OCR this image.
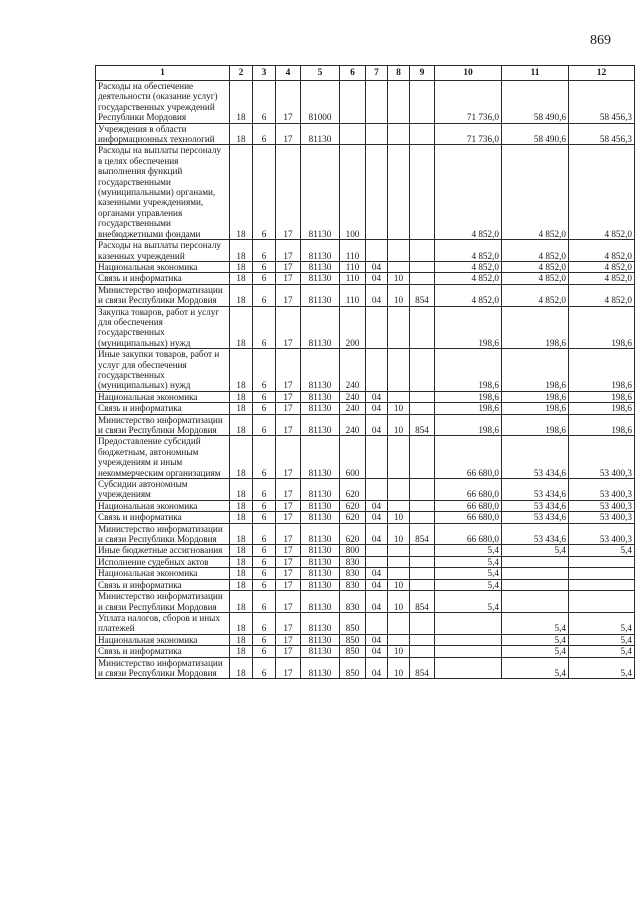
869
1	2	3	4	5	6	7	8	9	10	11	12
Расходы на обеспечение деятельности (оказание услуг) государственных учреждений Республики Мордовия	18	6	17	81000					71 736,0	58 490,6	58 456,3
Учреждения в области информационных технологий	18	6	17	81130					71 736,0	58 490,6	58 456,3
Расходы на выплаты персоналу в целях обеспечения выполнения функций государственными (муниципальными) органами, казенными учреждениями, органами управления государственными внебюджетными фондами	18	6	17	81130	100				4 852,0	4 852,0	4 852,0
Расходы на выплаты персоналу казенных учреждений	18	6	17	81130	110				4 852,0	4 852,0	4 852,0
Национальная экономика	18	6	17	81130	110	04			4 852,0	4 852,0	4 852,0
Связь и информатика	18	6	17	81130	110	04	10		4 852,0	4 852,0	4 852,0
Министерство информатизации и связи Республики Мордовия	18	6	17	81130	110	04	10	854	4 852,0	4 852,0	4 852,0
Закупка товаров, работ и услуг для обеспечения государственных (муниципальных) нужд	18	6	17	81130	200				198,6	198,6	198,6
Иные закупки товаров, работ и услуг для обеспечения государственных (муниципальных) нужд	18	6	17	81130	240				198,6	198,6	198,6
Национальная экономика	18	6	17	81130	240	04			198,6	198,6	198,6
Связь и информатика	18	6	17	81130	240	04	10		198,6	198,6	198,6
Министерство информатизации и связи Республики Мордовия	18	6	17	81130	240	04	10	854	198,6	198,6	198,6
Предоставление субсидий бюджетным, автономным учреждениям и иным некоммерческим организациям	18	6	17	81130	600				66 680,0	53 434,6	53 400,3
Субсидии автономным учреждениям	18	6	17	81130	620				66 680,0	53 434,6	53 400,3
Национальная экономика	18	6	17	81130	620	04			66 680,0	53 434,6	53 400,3
Связь и информатика	18	6	17	81130	620	04	10		66 680,0	53 434,6	53 400,3
Министерство информатизации и связи Республики Мордовия	18	6	17	81130	620	04	10	854	66 680,0	53 434,6	53 400,3
Иные бюджетные ассигнования	18	6	17	81130	800				5,4	5,4	5,4
Исполнение судебных актов	18	6	17	81130	830				5,4		
Национальная экономика	18	6	17	81130	830	04			5,4		
Связь и информатика	18	6	17	81130	830	04	10		5,4		
Министерство информатизации и связи Республики Мордовия	18	6	17	81130	830	04	10	854	5,4		
Уплата налогов, сборов и иных платежей	18	6	17	81130	850					5,4	5,4
Национальная экономика	18	6	17	81130	850	04				5,4	5,4
Связь и информатика	18	6	17	81130	850	04	10			5,4	5,4
Министерство информатизации и связи Республики Мордовия	18	6	17	81130	850	04	10	854		5,4	5,4
